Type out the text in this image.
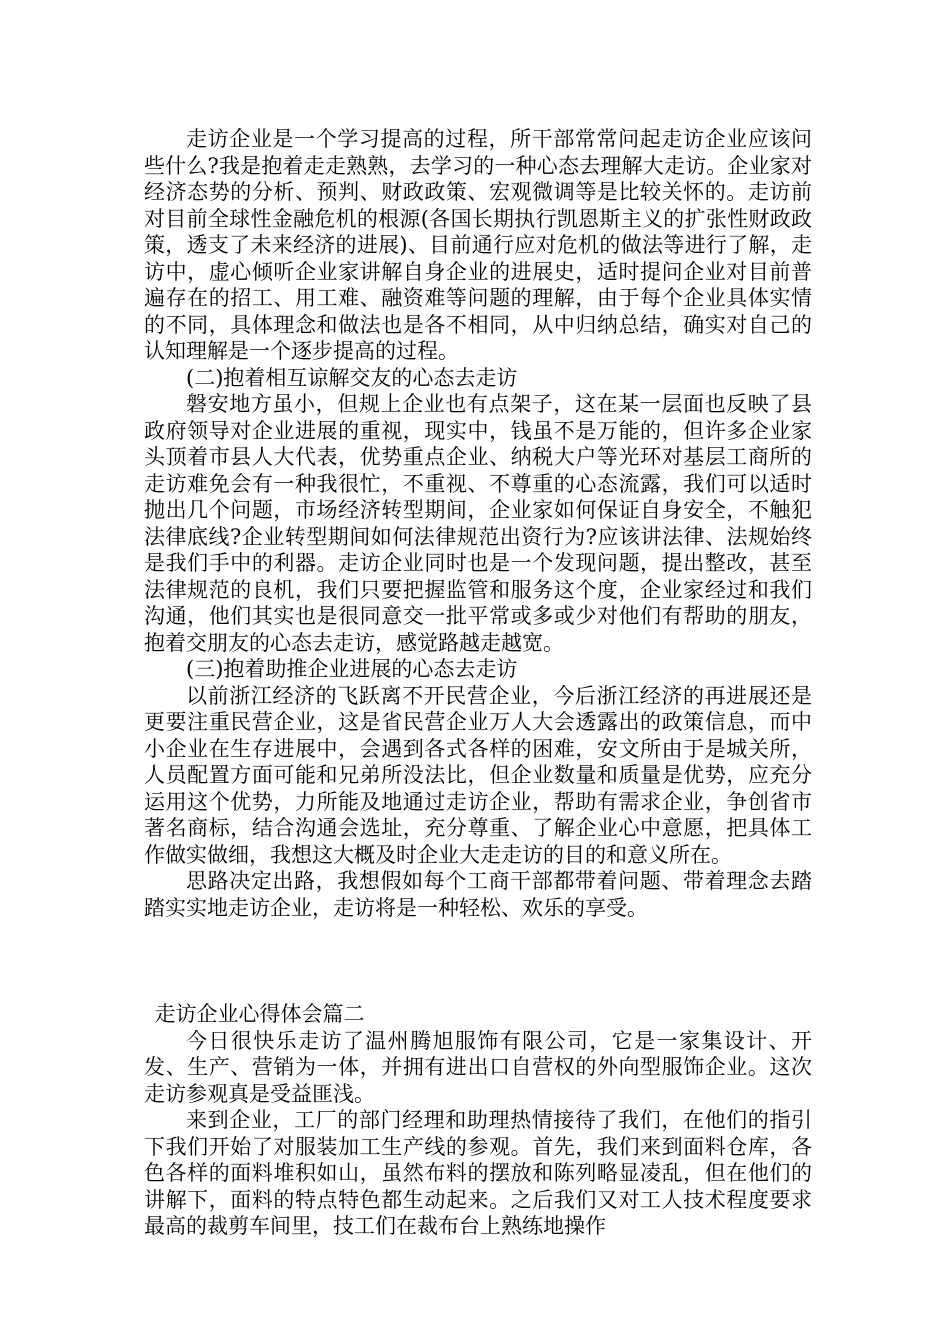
走访企业是一个学习提高的过程，所干部常常问起走访企业应该问些什么?我是抱着走走熟熟，去学习的一种心态去理解大走访。企业家对经济态势的分析、预判、财政政策、宏观微调等是比较关怀的。走访前对目前全球性金融危机的根源(各国长期执行凯恩斯主义的扩张性财政政策，透支了未来经济的进展)、目前通行应对危机的做法等进行了解，走访中，虚心倾听企业家讲解自身企业的进展史，适时提问企业对目前普遍存在的招工、用工难、融资难等问题的理解，由于每个企业具体实情的不同，具体理念和做法也是各不相同，从中归纳总结，确实对自己的认知理解是一个逐步提高的过程。

(二)抱着相互谅解交友的心态去走访

磐安地方虽小，但规上企业也有点架子，这在某一层面也反映了县政府领导对企业进展的重视，现实中，钱虽不是万能的，但许多企业家头顶着市县人大代表，优势重点企业、纳税大户等光环对基层工商所的走访难免会有一种我很忙，不重视、不尊重的心态流露，我们可以适时抛出几个问题，市场经济转型期间，企业家如何保证自身安全，不触犯法律底线?企业转型期间如何法律规范出资行为?应该讲法律、法规始终是我们手中的利器。走访企业同时也是一个发现问题，提出整改，甚至法律规范的良机，我们只要把握监管和服务这个度，企业家经过和我们沟通，他们其实也是很同意交一批平常或多或少对他们有帮助的朋友，抱着交朋友的心态去走访，感觉路越走越宽。

(三)抱着助推企业进展的心态去走访

以前浙江经济的飞跃离不开民营企业，今后浙江经济的再进展还是更要注重民营企业，这是省民营企业万人大会透露出的政策信息，而中小企业在生存进展中，会遇到各式各样的困难，安文所由于是城关所，人员配置方面可能和兄弟所没法比，但企业数量和质量是优势，应充分运用这个优势，力所能及地通过走访企业，帮助有需求企业，争创省市著名商标，结合沟通会选址，充分尊重、了解企业心中意愿，把具体工作做实做细，我想这大概及时企业大走走访的目的和意义所在。

思路决定出路，我想假如每个工商干部都带着问题、带着理念去踏踏实实地走访企业，走访将是一种轻松、欢乐的享受。

走访企业心得体会篇二

今日很快乐走访了温州腾旭服饰有限公司，它是一家集设计、开发、生产、营销为一体，并拥有进出口自营权的外向型服饰企业。这次走访参观真是受益匪浅。

来到企业，工厂的部门经理和助理热情接待了我们，在他们的指引下我们开始了对服装加工生产线的参观。首先，我们来到面料仓库，各色各样的面料堆积如山，虽然布料的摆放和陈列略显凌乱，但在他们的讲解下，面料的特点特色都生动起来。之后我们又对工人技术程度要求最高的裁剪车间里，技工们在裁布台上熟练地操作
